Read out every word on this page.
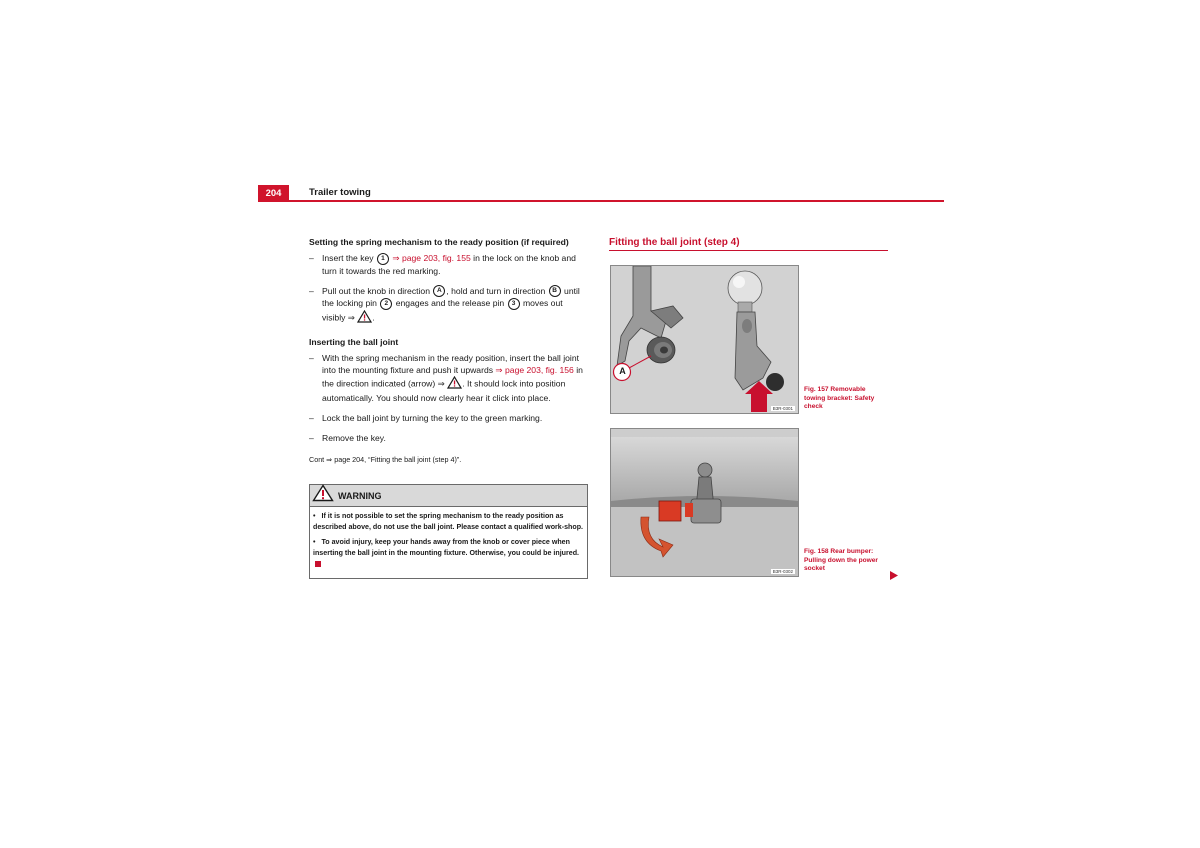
204	Trailer towing

Setting the spring mechanism to the ready position (if required)

– Insert the key 1 ⇒ page 203, fig. 155 in the lock on the knob and turn it towards the red marking.
– Pull out the knob in direction A , hold and turn in direction B until the locking pin 2 engages and the release pin 3 moves out visibly ⇒ .

Inserting the ball joint

– With the spring mechanism in the ready position, insert the ball joint into the mounting fixture and push it upwards ⇒ page 203, fig. 156 in the direction indicated (arrow) ⇒ . It should lock into position automatically. You should now clearly hear it click into place.
– Lock the ball joint by turning the key to the green marking.
– Remove the key.
Cont ⇒ page 204, “Fitting the ball joint (step 4)”.
WARNING

• If it is not possible to set the spring mechanism to the ready position as described above, do not use the ball joint. Please contact a qualified work-shop.

• To avoid injury, keep your hands away from the knob or cover piece when inserting the ball joint in the mounting fixture. Otherwise, you could be injured.

Fitting the ball joint (step 4)
A
B3R-0301
Fig. 157 Removable towing bracket: Safety check
B3R-0302
Fig. 158 Rear bumper: Pulling down the power socket
